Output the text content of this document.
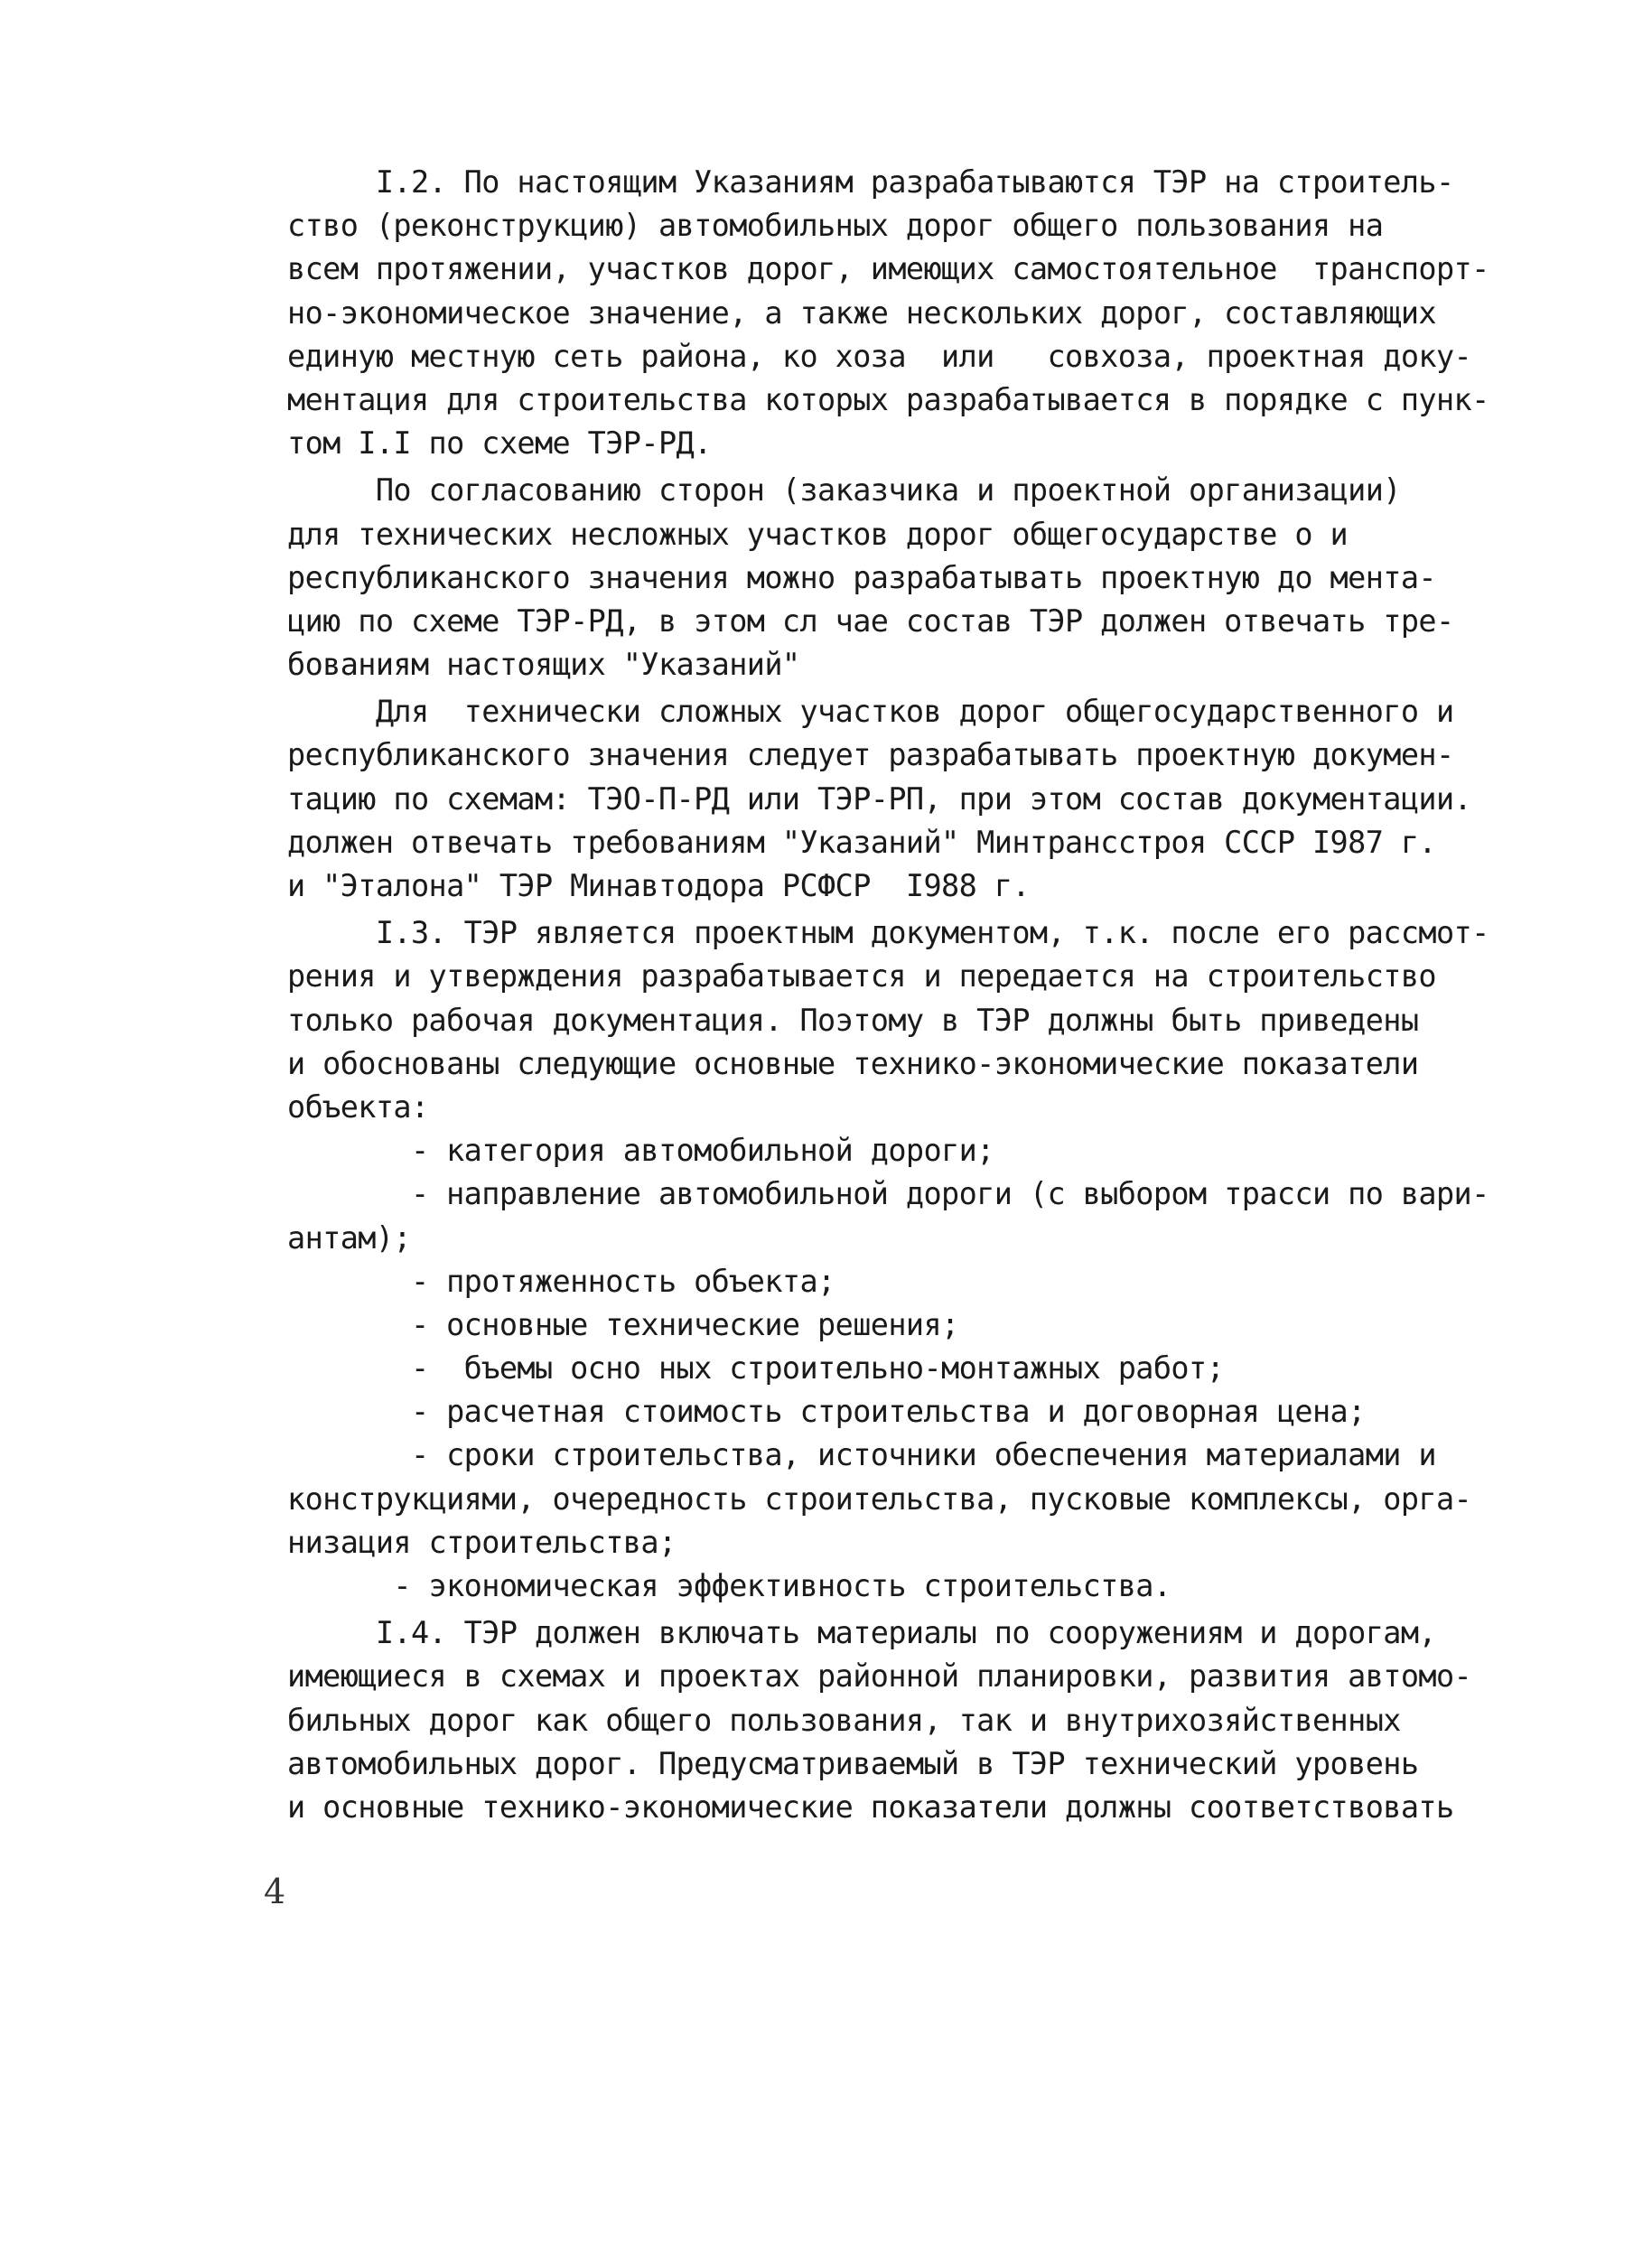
I.2. По настоящим Указаниям разрабатываются ТЭР на строитель-
ство (реконструкцию) автомобильных дорог общего пользования на
всем протяжении, участков дорог, имеющих самостоятельное  транспорт-
но-экономическое значение, а также нескольких дорог, составляющих
единую местную сеть района, ко хоза  или   совхоза, проектная доку-
ментация для строительства которых разрабатывается в порядке с пунк-
том I.I по схеме ТЭР-РД.
По согласованию сторон (заказчика и проектной организации)
для технических несложных участков дорог общегосударстве о и
республиканского значения можно разрабатывать проектную до мента-
цию по схеме ТЭР-РД, в этом сл чае состав ТЭР должен отвечать тре-
бованиям настоящих "Указаний"
Для  технически сложных участков дорог общегосударственного и
республиканского значения следует разрабатывать проектную докумен-
тацию по схемам: ТЭО-П-РД или ТЭР-РП, при этом состав документации.
должен отвечать требованиям "Указаний" Минтрансстроя СССР I987 г.
и "Эталона" ТЭР Минавтодора РСФСР  I988 г.
I.3. ТЭР является проектным документом, т.к. после его рассмот-
рения и утверждения разрабатывается и передается на строительство
только рабочая документация. Поэтому в ТЭР должны быть приведены
и обоснованы следующие основные технико-экономические показатели
объекта:
- категория автомобильной дороги;
- направление автомобильной дороги (с выбором трасси по вари-
антам);
- протяженность объекта;
- основные технические решения;
-  бъемы осно ных строительно-монтажных работ;
- расчетная стоимость строительства и договорная цена;
- сроки строительства, источники обеспечения материалами и
конструкциями, очередность строительства, пусковые комплексы, орга-
низация строительства;
- экономическая эффективность строительства.
I.4. ТЭР должен включать материалы по сооружениям и дорогам,
имеющиеся в схемах и проектах районной планировки, развития автомо-
бильных дорог как общего пользования, так и внутрихозяйственных
автомобильных дорог. Предусматриваемый в ТЭР технический уровень
и основные технико-экономические показатели должны соответствовать
4
